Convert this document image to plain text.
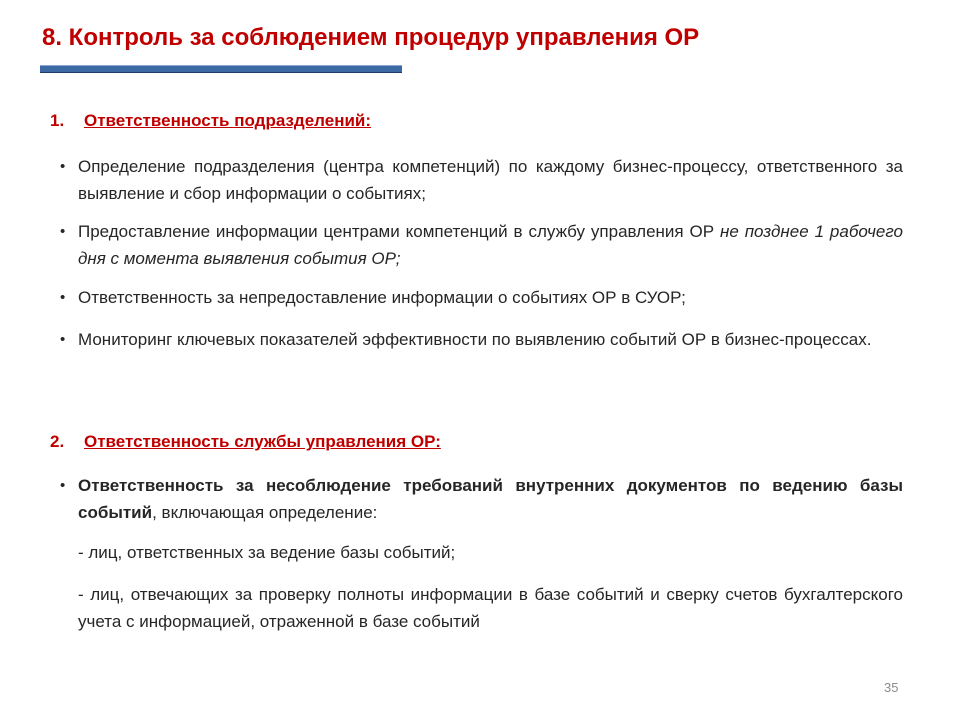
8. Контроль за соблюдением процедур управления ОР
1. Ответственность подразделений:
• Определение подразделения (центра компетенций) по каждому бизнес-процессу, ответственного за выявление и сбор информации о событиях;
• Предоставление информации центрами компетенций в службу управления ОР не позднее 1 рабочего дня с момента выявления события ОР;
• Ответственность за непредоставление информации о событиях ОР в СУОР;
• Мониторинг ключевых показателей эффективности по выявлению событий ОР в бизнес-процессах.
2. Ответственность службы управления ОР:
• Ответственность за несоблюдение требований внутренних документов по ведению базы событий, включающая определение:
- лиц, ответственных за ведение базы событий;
- лиц, отвечающих за проверку полноты информации в базе событий и сверку счетов бухгалтерского учета с информацией, отраженной в базе событий
35
